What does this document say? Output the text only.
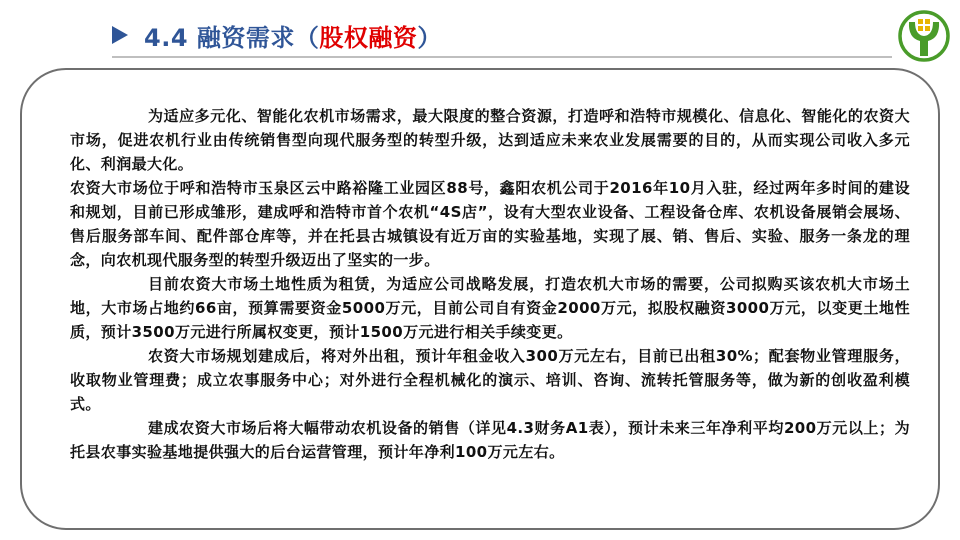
4.4 融资需求（股权融资）

为适应多元化、智能化农机市场需求，最大限度的整合资源，打造呼和浩特市规模化、信息化、智能化的农资大市场，促进农机行业由传统销售型向现代服务型的转型升级，达到适应未来农业发展需要的目的，从而实现公司收入多元化、利润最大化。

农资大市场位于呼和浩特市玉泉区云中路裕隆工业园区88号，鑫阳农机公司于2016年10月入驻，经过两年多时间的建设和规划，目前已形成雏形，建成呼和浩特市首个农机“4S店”，设有大型农业设备、工程设备仓库、农机设备展销会展场、售后服务部车间、配件部仓库等，并在托县古城镇设有近万亩的实验基地，实现了展、销、售后、实验、服务一条龙的理念，向农机现代服务型的转型升级迈出了坚实的一步。

目前农资大市场土地性质为租赁，为适应公司战略发展，打造农机大市场的需要，公司拟购买该农机大市场土地，大市场占地约66亩，预算需要资金5000万元，目前公司自有资金2000万元，拟股权融资3000万元，以变更土地性质，预计3500万元进行所属权变更，预计1500万元进行相关手续变更。

农资大市场规划建成后，将对外出租，预计年租金收入300万元左右，目前已出租30%；配套物业管理服务，收取物业管理费；成立农事服务中心；对外进行全程机械化的演示、培训、咨询、流转托管服务等，做为新的创收盈利模式。

建成农资大市场后将大幅带动农机设备的销售（详见4.3财务A1表），预计未来三年净利平均200万元以上；为托县农事实验基地提供强大的后台运营管理，预计年净利100万元左右。
